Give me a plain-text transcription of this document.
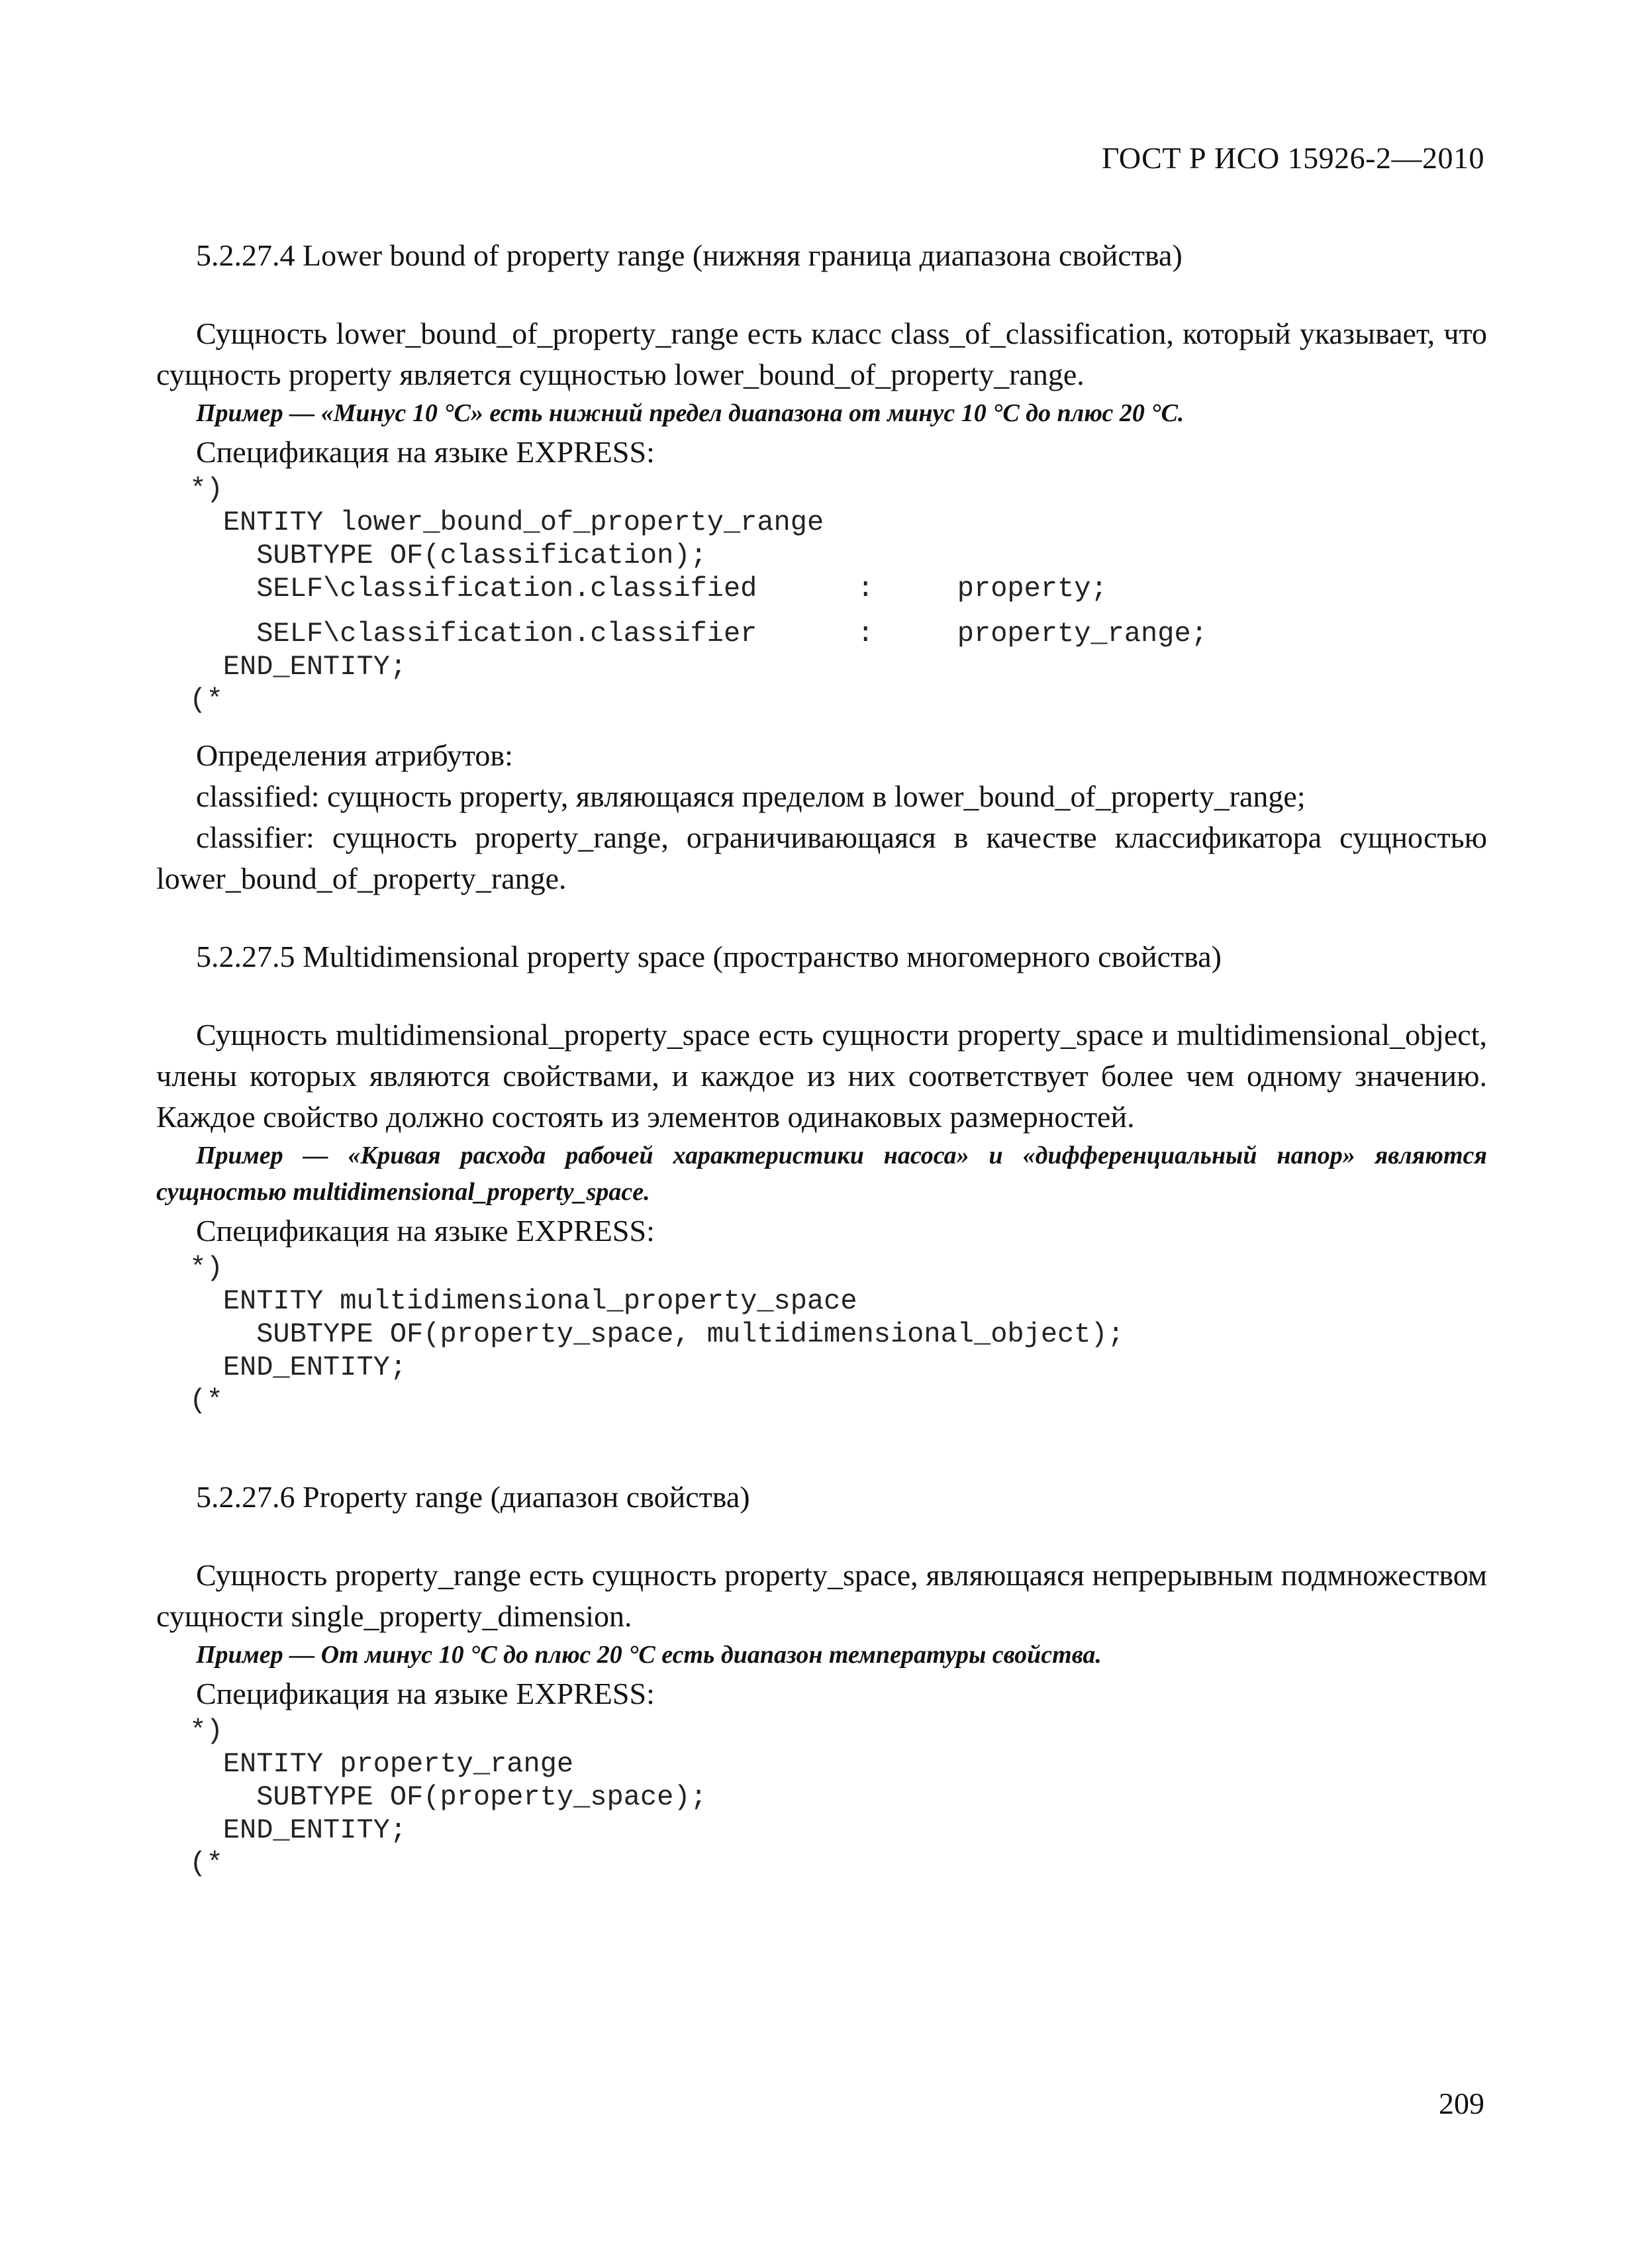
ГОСТ Р ИСО 15926-2—2010

5.2.27.4 Lower bound of property range (нижняя граница диапазона свойства)

Сущность lower_bound_of_property_range есть класс class_of_classification, который указывает, что сущность property является сущностью lower_bound_of_property_range.

Пример — «Минус 10 °С» есть нижний предел диапазона от минус 10 °С до плюс 20 °С.

Спецификация на языке EXPRESS:

*)
ENTITY lower_bound_of_property_range
SUBTYPE OF(classification);
SELF\classification.classified      :     property;
SELF\classification.classifier      :     property_range;
END_ENTITY;
(*

Определения атрибутов:

classified: сущность property, являющаяся пределом в lower_bound_of_property_range;

classifier: сущность property_range, ограничивающаяся в качестве классификатора сущностью lower_bound_of_property_range.

5.2.27.5 Multidimensional property space (пространство многомерного свойства)

Сущность multidimensional_property_space есть сущности property_space и multidimensional_object, члены которых являются свойствами, и каждое из них соответствует более чем одному значению. Каждое свойство должно состоять из элементов одинаковых размерностей.

Пример — «Кривая расхода рабочей характеристики насоса» и «дифференциальный напор» являются сущностью multidimensional_property_space.

Спецификация на языке EXPRESS:

*)
ENTITY multidimensional_property_space
SUBTYPE OF(property_space, multidimensional_object);
END_ENTITY;
(*

5.2.27.6 Property range (диапазон свойства)

Сущность property_range есть сущность property_space, являющаяся непрерывным подмножеством сущности single_property_dimension.

Пример — От минус 10 °С до плюс 20 °С есть диапазон температуры свойства.

Спецификация на языке EXPRESS:

*)
ENTITY property_range
SUBTYPE OF(property_space);
END_ENTITY;
(*
209
